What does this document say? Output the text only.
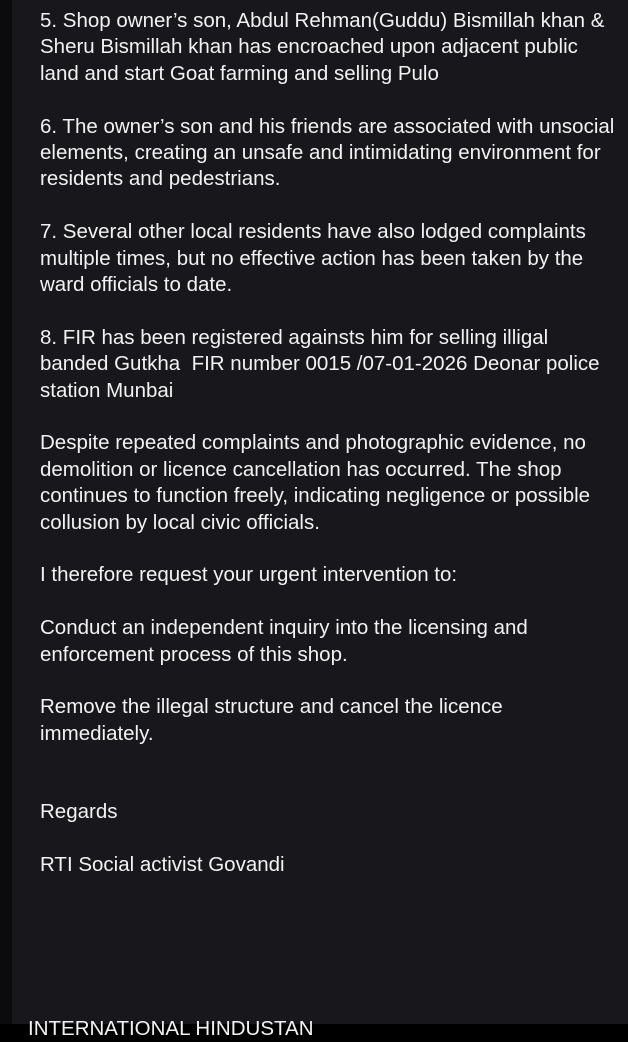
5. Shop owner’s son, Abdul Rehman(Guddu) Bismillah khan & Sheru Bismillah khan has encroached upon adjacent public land and start Goat farming and selling Pulo

6. The owner’s son and his friends are associated with unsocial elements, creating an unsafe and intimidating environment for residents and pedestrians.

7. Several other local residents have also lodged complaints multiple times, but no effective action has been taken by the ward officials to date.

8. FIR has been registered againsts him for selling illigal banded Gutkha  FIR number 0015 /07-01-2026 Deonar police station Munbai

Despite repeated complaints and photographic evidence, no demolition or licence cancellation has occurred. The shop continues to function freely, indicating negligence or possible collusion by local civic officials.

I therefore request your urgent intervention to:

Conduct an independent inquiry into the licensing and enforcement process of this shop.

Remove the illegal structure and cancel the licence immediately.

Regards

RTI Social activist Govandi

INTERNATIONAL HINDUSTAN
